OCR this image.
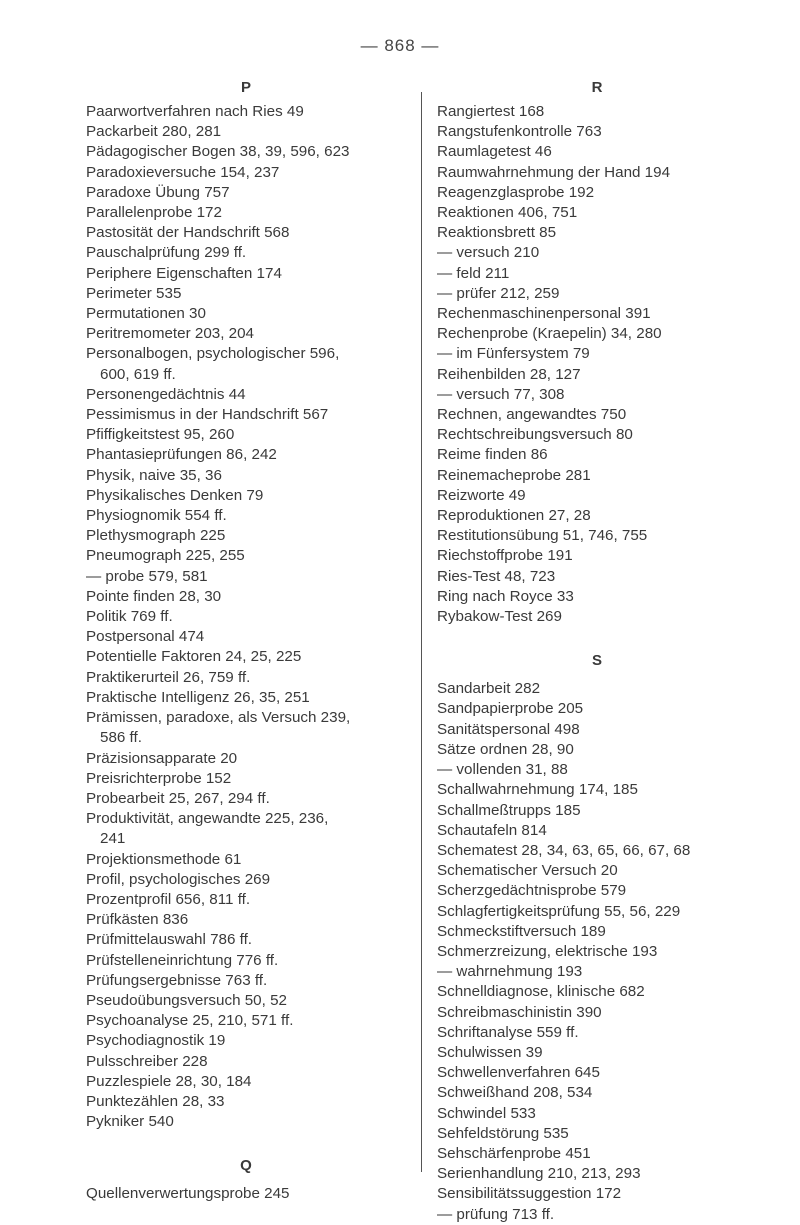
— 868 —
P
Paarwortverfahren nach Ries 49
Packarbeit 280, 281
Pädagogischer Bogen 38, 39, 596, 623
Paradoxieversuche 154, 237
Paradoxe Übung 757
Parallelenprobe 172
Pastosität der Handschrift 568
Pauschalprüfung 299 ff.
Periphere Eigenschaften 174
Perimeter 535
Permutationen 30
Peritremometer 203, 204
Personalbogen, psychologischer 596,
600, 619 ff.
Personengedächtnis 44
Pessimismus in der Handschrift 567
Pfiffigkeitstest 95, 260
Phantasieprüfungen 86, 242
Physik, naive 35, 36
Physikalisches Denken 79
Physiognomik 554 ff.
Plethysmograph 225
Pneumograph 225, 255
— probe 579, 581
Pointe finden 28, 30
Politik 769 ff.
Postpersonal 474
Potentielle Faktoren 24, 25, 225
Praktikerurteil 26, 759 ff.
Praktische Intelligenz 26, 35, 251
Prämissen, paradoxe, als Versuch 239,
586 ff.
Präzisionsapparate 20
Preisrichterprobe 152
Probearbeit 25, 267, 294 ff.
Produktivität, angewandte 225, 236,
241
Projektionsmethode 61
Profil, psychologisches 269
Prozentprofil 656, 811 ff.
Prüfkästen 836
Prüfmittelauswahl 786 ff.
Prüfstelleneinrichtung 776 ff.
Prüfungsergebnisse 763 ff.
Pseudoübungsversuch 50, 52
Psychoanalyse 25, 210, 571 ff.
Psychodiagnostik 19
Pulsschreiber 228
Puzzlespiele 28, 30, 184
Punktezählen 28, 33
Pykniker 540
Q
Quellenverwertungsprobe 245
R
Rangiertest 168
Rangstufenkontrolle 763
Raumlagetest 46
Raumwahrnehmung der Hand 194
Reagenzglasprobe 192
Reaktionen 406, 751
Reaktionsbrett 85
— versuch 210
— feld 211
— prüfer 212, 259
Rechenmaschinenpersonal 391
Rechenprobe (Kraepelin) 34, 280
— im Fünfersystem 79
Reihenbilden 28, 127
— versuch 77, 308
Rechnen, angewandtes 750
Rechtschreibungsversuch 80
Reime finden 86
Reinemacheprobe 281
Reizworte 49
Reproduktionen 27, 28
Restitutionsübung 51, 746, 755
Riechstoffprobe 191
Ries-Test 48, 723
Ring nach Royce 33
Rybakow-Test 269
S
Sandarbeit 282
Sandpapierprobe 205
Sanitätspersonal 498
Sätze ordnen 28, 90
— vollenden 31, 88
Schallwahrnehmung 174, 185
Schallmeßtrupps 185
Schautafeln 814
Schematest 28, 34, 63, 65, 66, 67, 68
Schematischer Versuch 20
Scherzgedächtnisprobe 579
Schlagfertigkeitsprüfung 55, 56, 229
Schmeckstiftversuch 189
Schmerzreizung, elektrische 193
— wahrnehmung 193
Schnelldiagnose, klinische 682
Schreibmaschinistin 390
Schriftanalyse 559 ff.
Schulwissen 39
Schwellenverfahren 645
Schweißhand 208, 534
Schwindel 533
Sehfeldstörung 535
Sehschärfenprobe 451
Serienhandlung 210, 213, 293
Sensibilitätssuggestion 172
— prüfung 713 ff.
